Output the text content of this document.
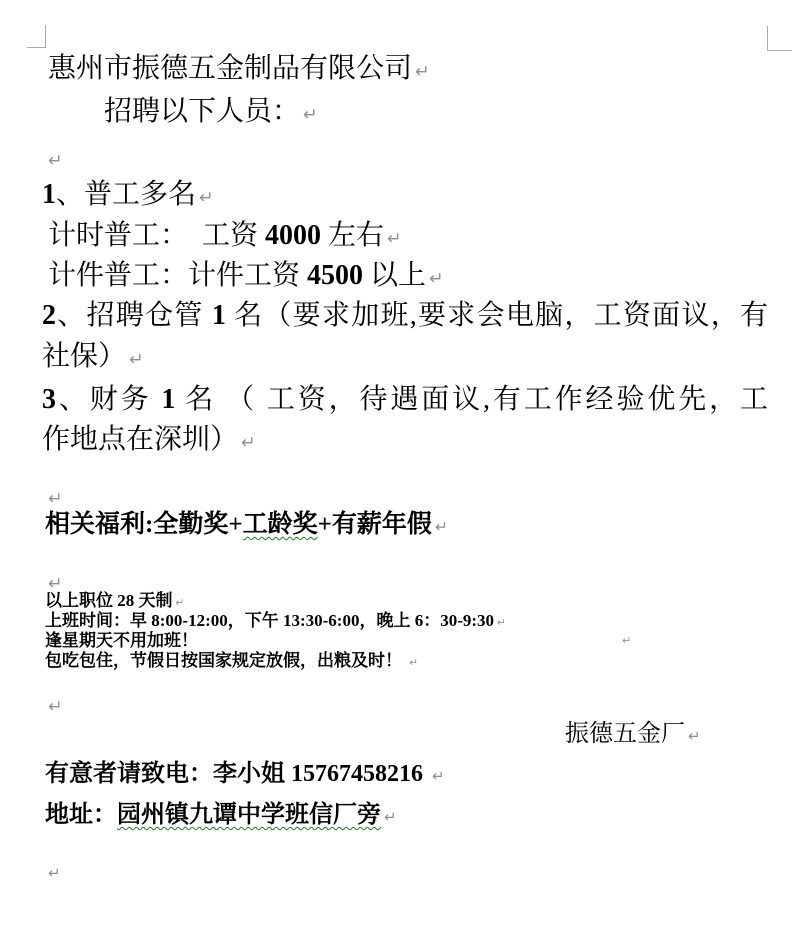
惠州市振德五金制品有限公司 ↵
招聘以下人员： ↵
↵
1、普工多名 ↵
计时普工：  工资 4000 左右 ↵
计件普工：计件工资 4500 以上 ↵
2、招聘仓管 1 名（要求加班,要求会电脑，工资面议，有
社保） ↵
3、财务 1 名 （ 工资，待遇面议,有工作经验优先，工
作地点在深圳） ↵
↵
相关福利:全勤奖+工龄奖+有薪年假 ↵
↵
以上职位 28 天制 ↵
上班时间：早 8:00-12:00，下午 13:30-6:00，晚上 6：30-9:30 ↵
逢星期天不用加班！	↵
包吃包住，节假日按国家规定放假，出粮及时！ ↵
↵
振德五金厂 ↵
有意者请致电：李小姐 15767458216 ↵
地址：园州镇九谭中学班信厂旁 ↵
↵
